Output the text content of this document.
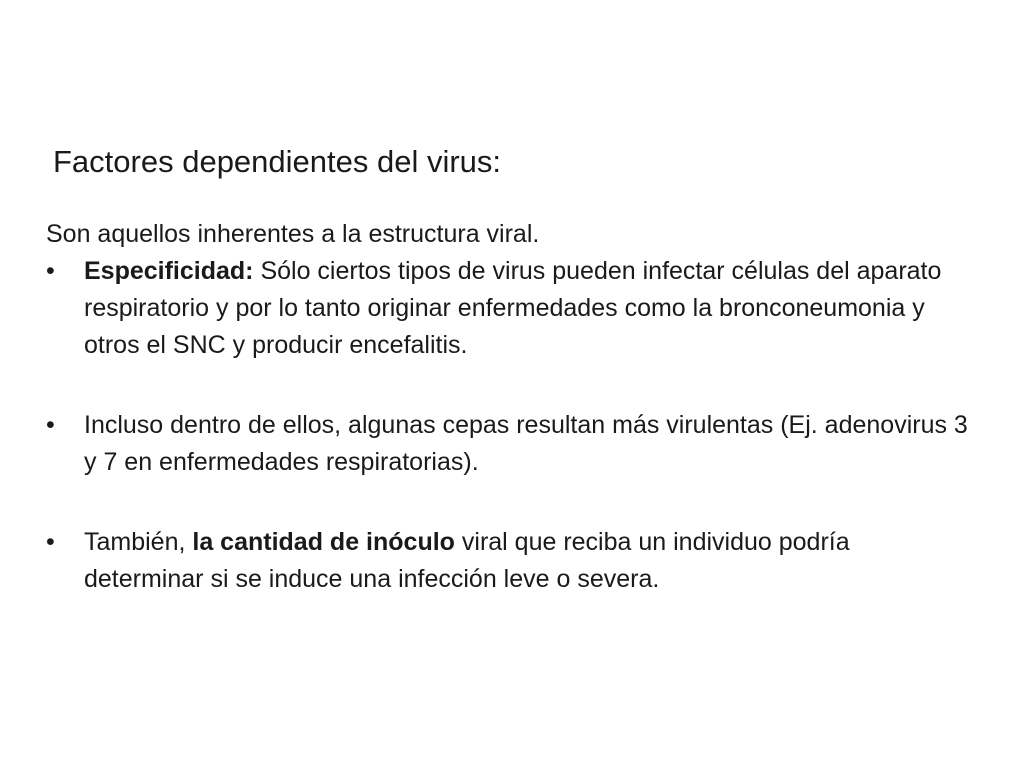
Factores dependientes del virus:

Son aquellos inherentes a la estructura viral.

•	Especificidad: Sólo ciertos tipos de virus pueden infectar células del aparato respiratorio y por lo tanto originar enfermedades como la bronconeumonia y otros el SNC y producir encefalitis.
•	Incluso dentro de ellos, algunas cepas resultan más virulentas (Ej. adenovirus 3 y 7 en enfermedades respiratorias).
•	También, la cantidad de inóculo viral que reciba un individuo podría determinar si se induce una infección leve o severa.
